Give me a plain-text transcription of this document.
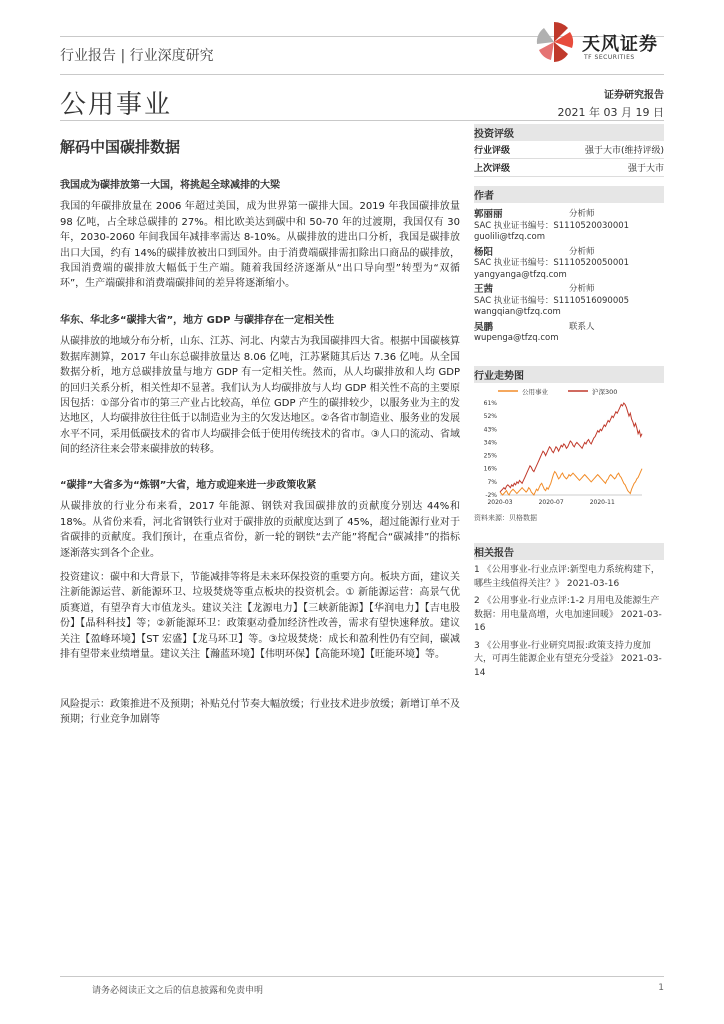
行业报告 | 行业深度研究
天风证券
TF SECURITIES
公用事业	证券研究报告
2021 年 03 月 19 日
解码中国碳排数据

我国成为碳排放第一大国，将挑起全球减排的大梁

我国的年碳排放量在 2006 年超过美国，成为世界第一碳排大国。2019 年我国碳排放量 98 亿吨，占全球总碳排的 27%。相比欧美达到碳中和 50-70 年的过渡期，我国仅有 30 年，2030-2060 年间我国年减排率需达 8-10%。从碳排放的进出口分析，我国是碳排放出口大国，约有 14%的碳排放被出口到国外。由于消费端碳排需扣除出口商品的碳排放，我国消费端的碳排放大幅低于生产端。随着我国经济逐渐从“出口导向型”转型为“双循环”，生产端碳排和消费端碳排间的差异将逐渐缩小。

华东、华北多“碳排大省”，地方 GDP 与碳排存在一定相关性

从碳排放的地域分布分析，山东、江苏、河北、内蒙古为我国碳排四大省。根据中国碳核算数据库测算，2017 年山东总碳排放量达 8.06 亿吨，江苏紧随其后达 7.36 亿吨。从全国数据分析，地方总碳排放量与地方 GDP 有一定相关性。然而，从人均碳排放和人均 GDP 的回归关系分析，相关性却不显著。我们认为人均碳排放与人均 GDP 相关性不高的主要原因包括：①部分省市的第三产业占比较高，单位 GDP 产生的碳排较少，以服务业为主的发达地区，人均碳排放往往低于以制造业为主的欠发达地区。②各省市制造业、服务业的发展水平不同，采用低碳技术的省市人均碳排会低于使用传统技术的省市。③人口的流动、省域间的经济往来会带来碳排放的转移。

“碳排”大省多为“炼钢”大省，地方或迎来进一步政策收紧

从碳排放的行业分布来看，2017 年能源、钢铁对我国碳排放的贡献度分别达 44%和 18%。从省份来看，河北省钢铁行业对于碳排放的贡献度达到了 45%，超过能源行业对于省碳排的贡献度。我们预计，在重点省份，新一轮的钢铁“去产能”将配合“碳减排”的指标逐渐落实到各个企业。

投资建议：碳中和大背景下，节能减排等将是未来环保投资的重要方向。板块方面，建议关注新能源运营、新能源环卫、垃圾焚烧等重点板块的投资机会。① 新能源运营：高景气优质赛道，有望孕育大市值龙头。建议关注【龙源电力】【三峡新能源】【华润电力】【吉电股份】【晶科科技】等；②新能源环卫：政策驱动叠加经济性改善，需求有望快速释放。建议关注【盈峰环境】【ST 宏盛】【龙马环卫】等。③垃圾焚烧：成长和盈利性仍有空间，碳减排有望带来业绩增量。建议关注【瀚蓝环境】【伟明环保】【高能环境】【旺能环境】等。

风险提示：政策推进不及预期；补贴兑付节奏大幅放缓；行业技术进步放缓；新增订单不及预期；行业竞争加剧等

投资评级
行业评级	强于大市(维持评级)
上次评级	强于大市
作者
郭丽丽	分析师
SAC 执业证书编号：S1110520030001
guolili@tfzq.com
杨阳	分析师
SAC 执业证书编号：S1110520050001
yangyanga@tfzq.com
王茜	分析师
SAC 执业证书编号：S1110516090005
wangqian@tfzq.com
吴鹏	联系人
wupenga@tfzq.com
行业走势图
公用事业	沪深300
61%
52%
43%
34%
25%
16%
7%
-2%
2020-03	2020-07	2020-11
资料来源：贝格数据
相关报告
1 《公用事业-行业点评:新型电力系统构建下，哪些主线值得关注？》 2021-03-16
2 《公用事业-行业点评:1-2 月用电及能源生产数据：用电量高增，火电加速回暖》 2021-03-16
3 《公用事业-行业研究周报:政策支持力度加大，可再生能源企业有望充分受益》 2021-03-14
请务必阅读正文之后的信息披露和免责申明	1
